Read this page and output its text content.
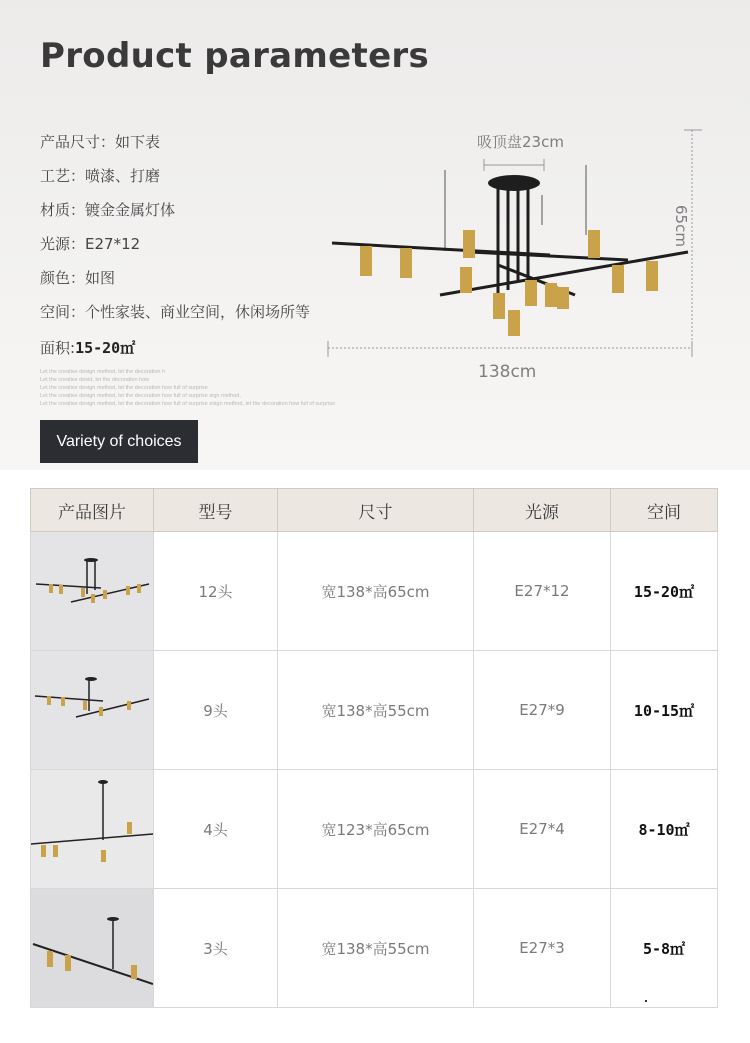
Product parameters
产品尺寸：如下表
工艺：喷漆、打磨
材质：镀金金属灯体
光源：E27*12
颜色：如图
空间：个性家装、商业空间，休闲场所等
面积:15-20㎡
Let the creative design method, let the decoration h
Let the creative desid, let the decoration how
Let the creative design method, let the decoration how full of surprise
Let the creative design method, let the decoration how full of surprise sign method,
Let the creative design method, let the decoration how full of surprise esign method, let the decoration how full of surprise
Variety of choices
吸顶盘23cm
65cm
138cm
产品图片	型号	尺寸	光源	空间

	12头	宽138*高65cm	E27*12	15-20㎡

	9头	宽138*高55cm	E27*9	10-15㎡

	4头	宽123*高65cm	E27*4	8-10㎡

	3头	宽138*高55cm	E27*3	5-8㎡
